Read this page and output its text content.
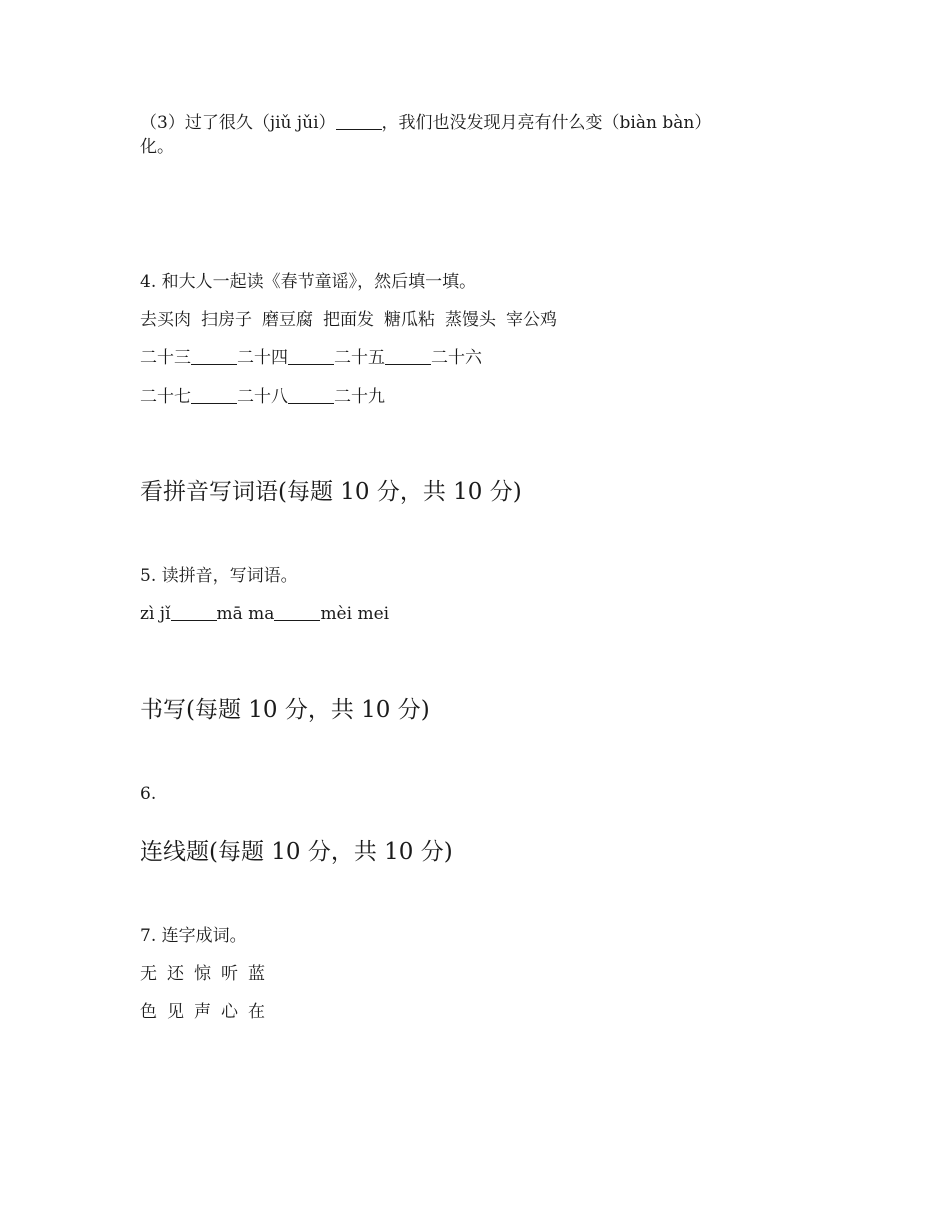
（3）过了很久（jiǔ jǔi）	，我们也没发现月亮有什么变（biàn bàn）
化。
4. 和大人一起读《春节童谣》，然后填一填。
去买肉 扫房子 磨豆腐 把面发 糖瓜粘 蒸馒头 宰公鸡
二十三	二十四	二十五	二十六
二十七	二十八	二十九
看拼音写词语(每题 10 分，共 10 分)
5. 读拼音，写词语。
zì jǐ	mā ma	mèi mei
书写(每题 10 分，共 10 分)
6.
连线题(每题 10 分，共 10 分)
7. 连字成词。
无 还 惊 听 蓝
色 见 声 心 在
